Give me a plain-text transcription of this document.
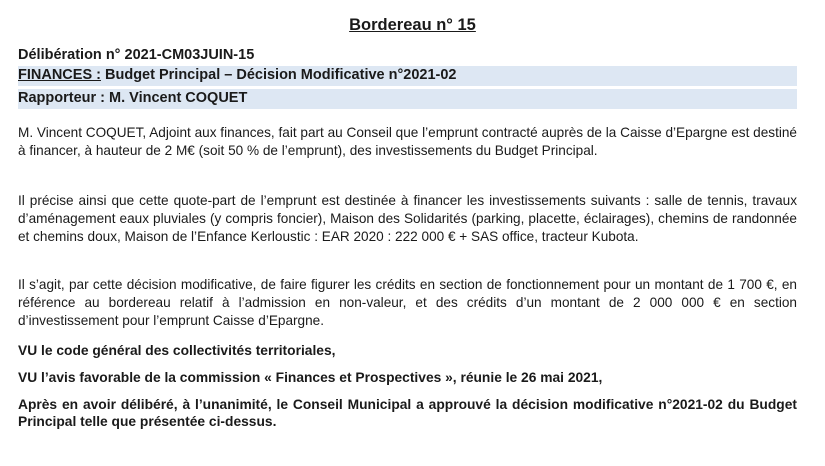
Bordereau n° 15
Délibération n° 2021-CM03JUIN-15
FINANCES : Budget Principal – Décision Modificative n°2021-02
Rapporteur : M. Vincent COQUET
M. Vincent COQUET, Adjoint aux finances, fait part au Conseil que l’emprunt contracté auprès de la Caisse d’Epargne est destiné à financer, à hauteur de 2 M€ (soit 50 % de l’emprunt), des investissements du Budget Principal.
Il précise ainsi que cette quote-part de l’emprunt est destinée à financer les investissements suivants : salle de tennis, travaux d’aménagement eaux pluviales (y compris foncier), Maison des Solidarités (parking, placette, éclairages), chemins de randonnée et chemins doux, Maison de l’Enfance Kerloustic : EAR 2020 : 222 000 € + SAS office, tracteur Kubota.
Il s’agit, par cette décision modificative, de faire figurer les crédits en section de fonctionnement pour un montant de 1 700 €, en référence au bordereau relatif à l’admission en non-valeur, et des crédits d’un montant de 2 000 000 € en section d’investissement pour l’emprunt Caisse d’Epargne.
VU le code général des collectivités territoriales,
VU l’avis favorable de la commission « Finances et Prospectives », réunie le 26 mai 2021,
Après en avoir délibéré, à l’unanimité, le Conseil Municipal a approuvé la décision modificative n°2021-02 du Budget Principal telle que présentée ci-dessus.
